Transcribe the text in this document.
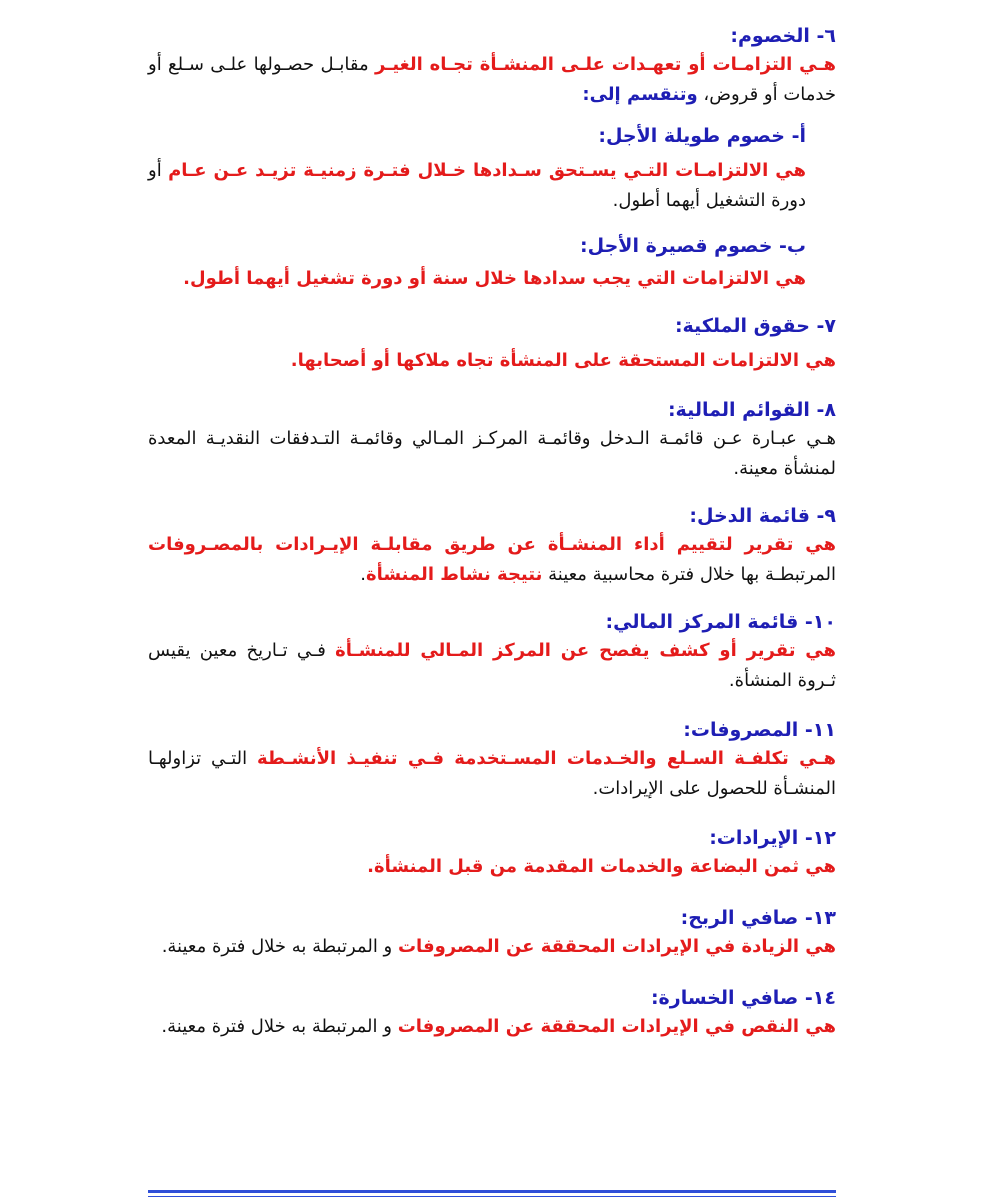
٦- الخصوم:

هـي التزامـات أو تعهـدات علـى المنشـأة تجـاه الغيـر مقابـل حصـولها علـى سـلع أو خدمات أو قروض، وتنقسم إلى:

أ- خصوم طويلة الأجل:

هي الالتزامـات التـي يسـتحق سـدادها خـلال فتـرة زمنيـة تزيـد عـن عـام أو دورة التشغيل أيهما أطول.

ب- خصوم قصيرة الأجل:

هي الالتزامات التي يجب سدادها خلال سنة أو دورة تشغيل أيهما أطول.

٧- حقوق الملكية:

هي الالتزامات المستحقة على المنشأة تجاه ملاكها أو أصحابها.

٨- القوائم المالية:

هـي عبـارة عـن قائمـة الـدخل وقائمـة المركـز المـالي وقائمـة التـدفقات النقديـة المعدة لمنشأة معينة.

٩- قائمة الدخل:

هي تقرير لتقييم أداء المنشـأة عن طريق مقابلـة الإيـرادات بالمصـروفات المرتبطـة بها خلال فترة محاسبية معينة نتيجة نشاط المنشأة.

١٠- قائمة المركز المالي:

هي تقرير أو كشف يفصح عن المركز المـالي للمنشـأة فـي تـاريخ معين يقيس ثـروة المنشأة.

١١- المصروفات:

هـي تكلفـة السـلع والخـدمات المسـتخدمة فـي تنفيـذ الأنشـطة التـي تزاولهـا المنشـأة للحصول على الإيرادات.

١٢- الإيرادات:

هي ثمن البضاعة والخدمات المقدمة من قبل المنشأة.

١٣- صافي الربح:

هي الزيادة في الإيرادات المحققة عن المصروفات و المرتبطة به خلال فترة معينة.

١٤- صافي الخسارة:

هي النقص في الإيرادات المحققة عن المصروفات و المرتبطة به خلال فترة معينة.
